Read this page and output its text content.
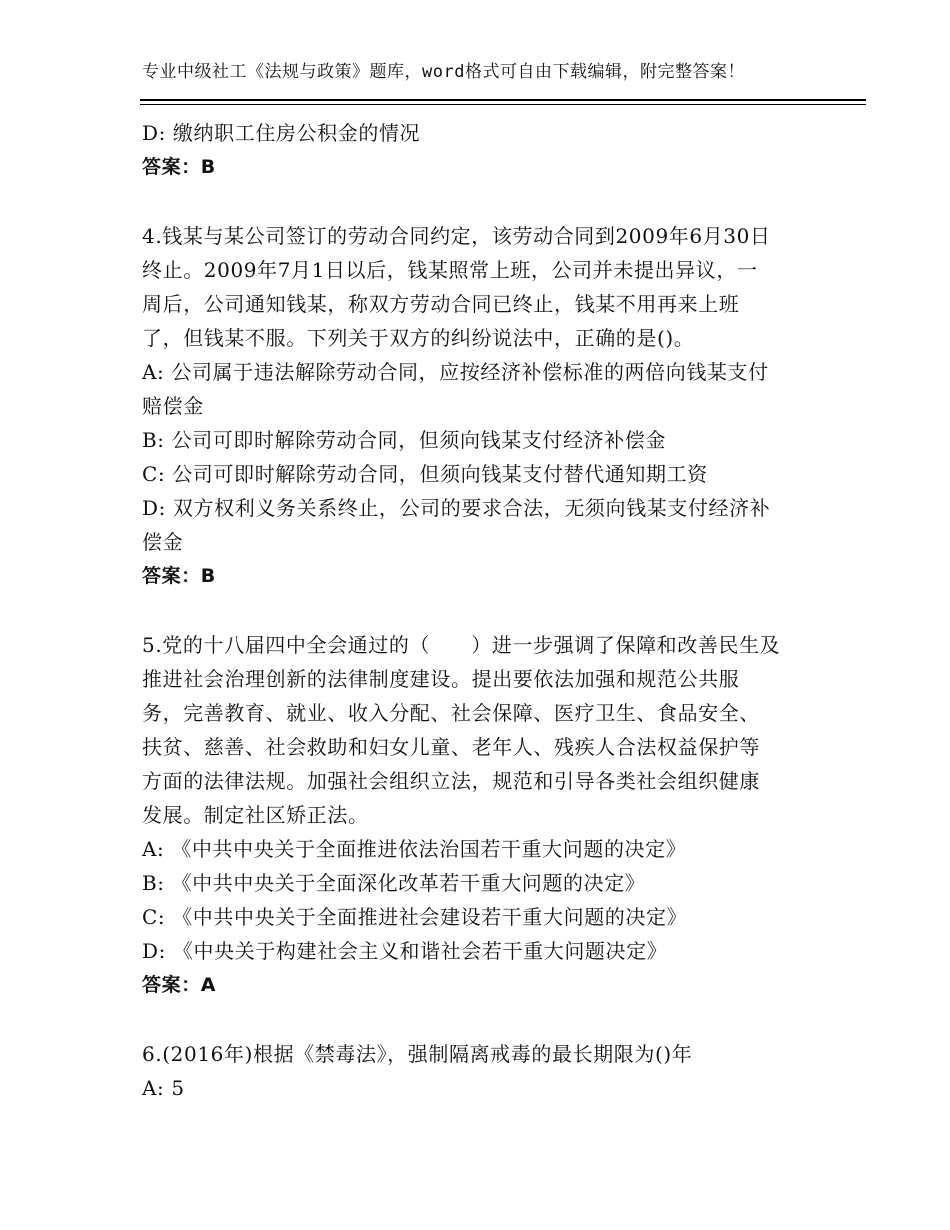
专业中级社工《法规与政策》题库，word格式可自由下载编辑，附完整答案！
D: 缴纳职工住房公积金的情况
答案：B
4.钱某与某公司签订的劳动合同约定，该劳动合同到2009年6月30日
终止。2009年7月1日以后，钱某照常上班，公司并未提出异议，一
周后，公司通知钱某，称双方劳动合同已终止，钱某不用再来上班
了，但钱某不服。下列关于双方的纠纷说法中，正确的是()。
A: 公司属于违法解除劳动合同，应按经济补偿标准的两倍向钱某支付
赔偿金
B: 公司可即时解除劳动合同，但须向钱某支付经济补偿金
C: 公司可即时解除劳动合同，但须向钱某支付替代通知期工资
D: 双方权利义务关系终止，公司的要求合法，无须向钱某支付经济补
偿金
答案：B
5.党的十八届四中全会通过的（　　）进一步强调了保障和改善民生及
推进社会治理创新的法律制度建设。提出要依法加强和规范公共服
务，完善教育、就业、收入分配、社会保障、医疗卫生、食品安全、
扶贫、慈善、社会救助和妇女儿童、老年人、残疾人合法权益保护等
方面的法律法规。加强社会组织立法，规范和引导各类社会组织健康
发展。制定社区矫正法。
A: 《中共中央关于全面推进依法治国若干重大问题的决定》
B: 《中共中央关于全面深化改革若干重大问题的决定》
C: 《中共中央关于全面推进社会建设若干重大问题的决定》
D: 《中央关于构建社会主义和谐社会若干重大问题决定》
答案：A
6.(2016年)根据《禁毒法》，强制隔离戒毒的最长期限为()年
A: 5
